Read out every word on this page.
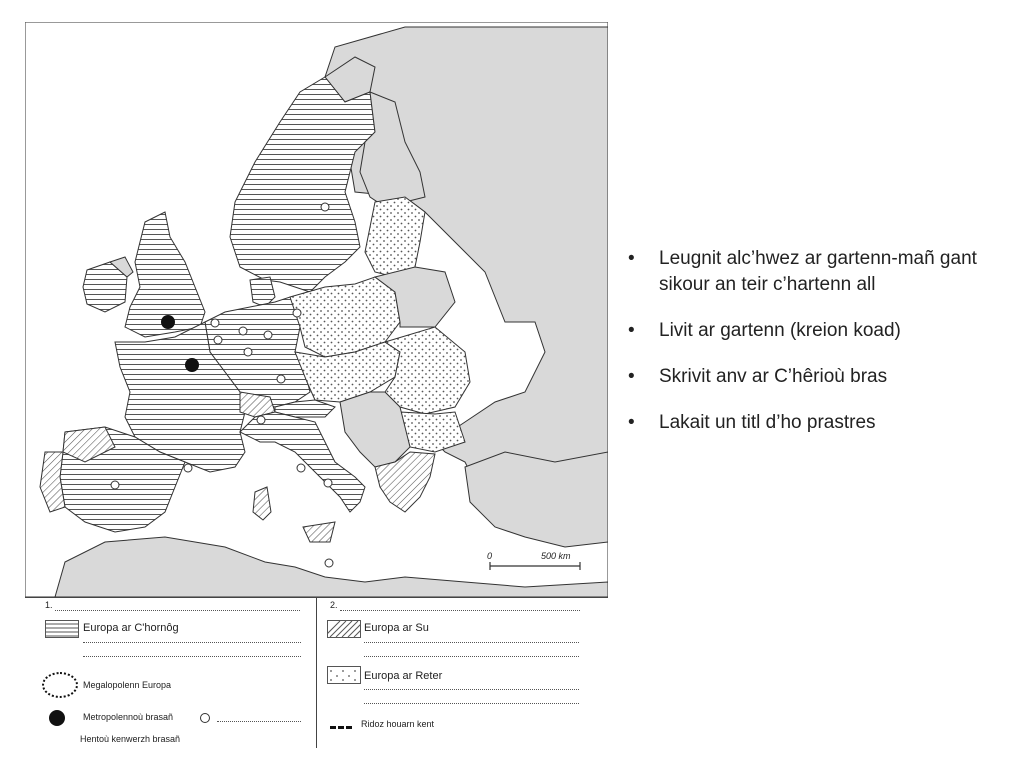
0	500 km
1.
Europa ar C'hornôg
Megalopolenn Europa
Metropolennoù brasañ
Hentoù kenwerzh brasañ
2.
Europa ar Su
Europa ar Reter
Ridoz houarn kent
• Leugnit alc’hwez ar gartenn-mañ gant sikour an teir c’hartenn all
• Livit ar gartenn (kreion koad)
• Skrivit anv ar C’hêrioù bras
• Lakait un titl d’ho prastres
